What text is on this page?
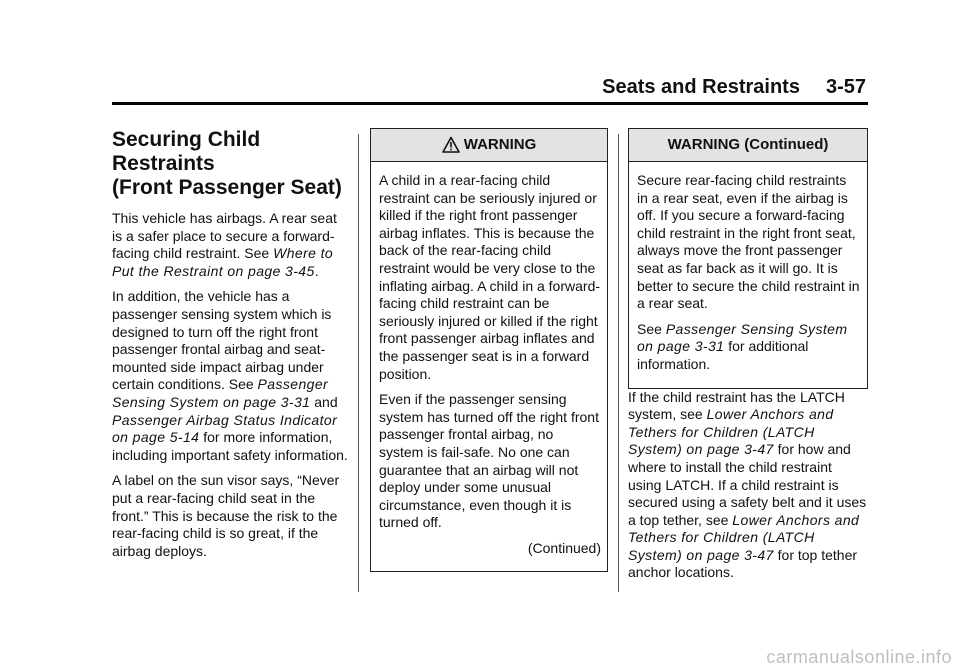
Seats and Restraints 3-57
Securing Child Restraints
(Front Passenger Seat)

This vehicle has airbags. A rear seat is a safer place to secure a forward-facing child restraint. See Where to Put the Restraint on page 3-45.

In addition, the vehicle has a passenger sensing system which is designed to turn off the right front passenger frontal airbag and seat-mounted side impact airbag under certain conditions. See Passenger Sensing System on page 3-31 and Passenger Airbag Status Indicator on page 5-14 for more information, including important safety information.

A label on the sun visor says, “Never put a rear-facing child seat in the front.” This is because the risk to the rear-facing child is so great, if the airbag deploys.

WARNING

A child in a rear-facing child restraint can be seriously injured or killed if the right front passenger airbag inflates. This is because the back of the rear-facing child restraint would be very close to the inflating airbag. A child in a forward-facing child restraint can be seriously injured or killed if the right front passenger airbag inflates and the passenger seat is in a forward position.

Even if the passenger sensing system has turned off the right front passenger frontal airbag, no system is fail-safe. No one can guarantee that an airbag will not deploy under some unusual circumstance, even though it is turned off.

(Continued)

WARNING (Continued)

Secure rear-facing child restraints in a rear seat, even if the airbag is off. If you secure a forward-facing child restraint in the right front seat, always move the front passenger seat as far back as it will go. It is better to secure the child restraint in a rear seat.

See Passenger Sensing System on page 3-31 for additional information.

If the child restraint has the LATCH system, see Lower Anchors and Tethers for Children (LATCH System) on page 3-47 for how and where to install the child restraint using LATCH. If a child restraint is secured using a safety belt and it uses a top tether, see Lower Anchors and Tethers for Children (LATCH System) on page 3-47 for top tether anchor locations.

carmanualsonline.info
